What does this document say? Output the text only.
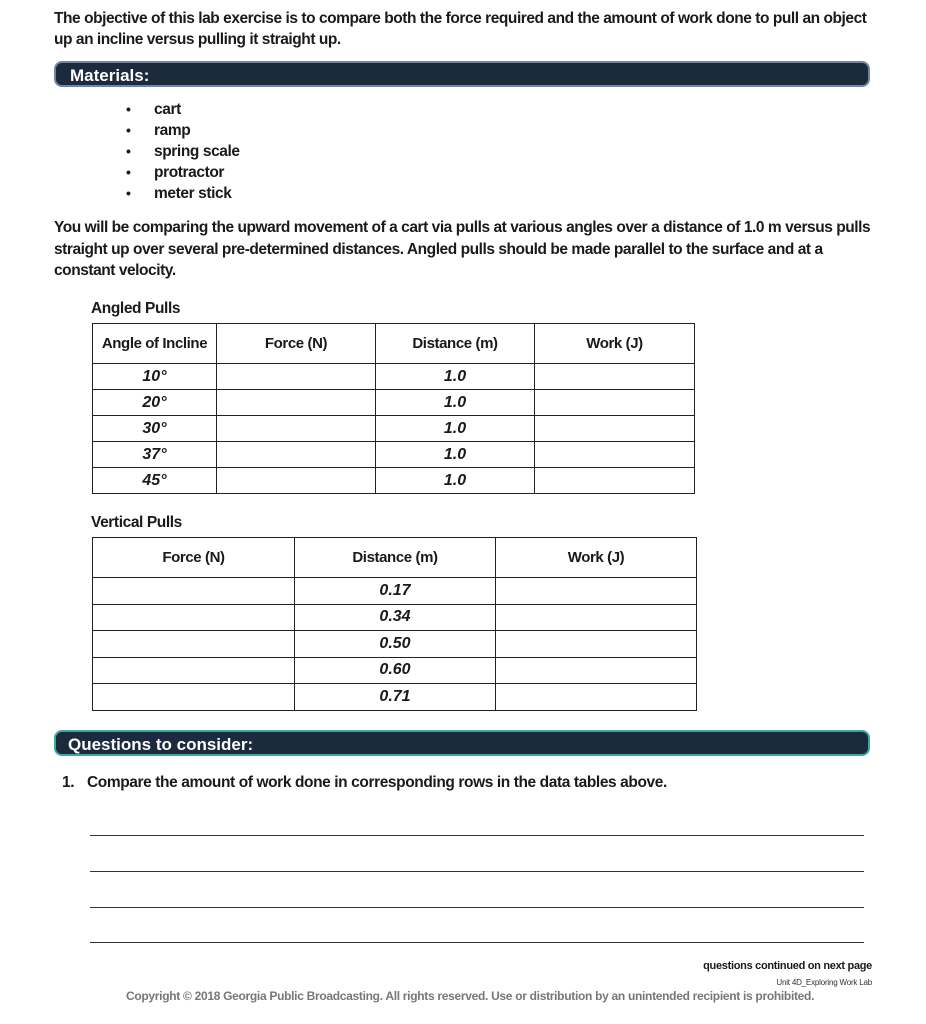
The objective of this lab exercise is to compare both the force required and the amount of work done to pull an object up an incline versus pulling it straight up.
Materials:
• cart
• ramp
• spring scale
• protractor
• meter stick
You will be comparing the upward movement of a cart via pulls at various angles over a distance of 1.0 m versus pulls straight up over several pre-determined distances. Angled pulls should be made parallel to the surface and at a constant velocity.
Angled Pulls
Angle of Incline	Force (N)	Distance (m)	Work (J)
10°		1.0	
20°		1.0	
30°		1.0	
37°		1.0	
45°		1.0	
Vertical Pulls
Force (N)	Distance (m)	Work (J)
	0.17	
	0.34	
	0.50	
	0.60	
	0.71	
Questions to consider:
1. Compare the amount of work done in corresponding rows in the data tables above.
questions continued on next page
Unit 4D_Exploring Work Lab
Copyright © 2018 Georgia Public Broadcasting. All rights reserved. Use or distribution by an unintended recipient is prohibited.
